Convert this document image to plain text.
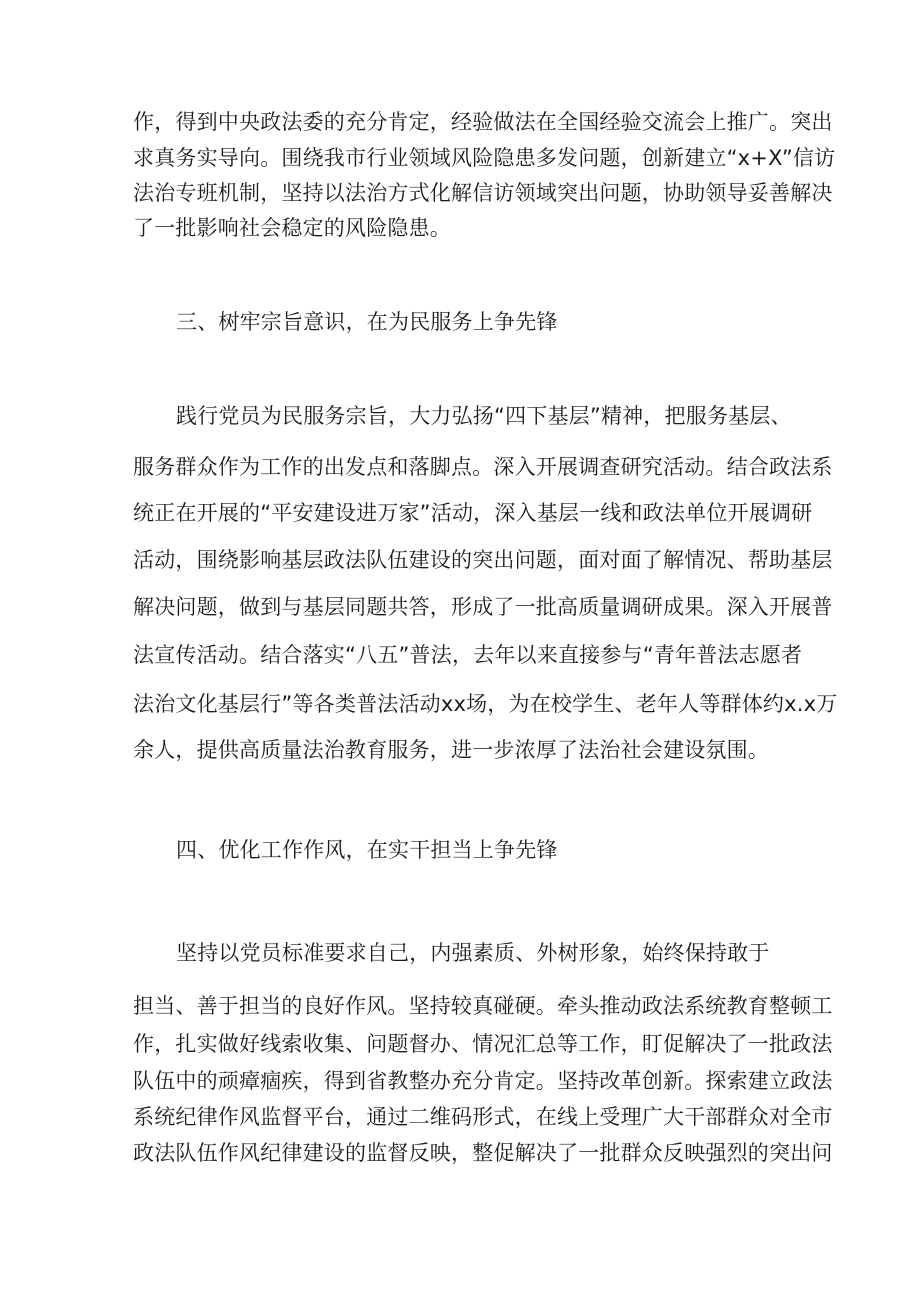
作，得到中央政法委的充分肯定，经验做法在全国经验交流会上推广。突出
求真务实导向。围绕我市行业领域风险隐患多发问题，创新建立“x+X”信访
法治专班机制，坚持以法治方式化解信访领域突出问题，协助领导妥善解决
了一批影响社会稳定的风险隐患。
三、树牢宗旨意识，在为民服务上争先锋
践行党员为民服务宗旨，大力弘扬“四下基层”精神，把服务基层、
服务群众作为工作的出发点和落脚点。深入开展调查研究活动。结合政法系
统正在开展的“平安建设进万家”活动，深入基层一线和政法单位开展调研
活动，围绕影响基层政法队伍建设的突出问题，面对面了解情况、帮助基层
解决问题，做到与基层同题共答，形成了一批高质量调研成果。深入开展普
法宣传活动。结合落实“八五”普法，去年以来直接参与“青年普法志愿者
法治文化基层行”等各类普法活动xx场，为在校学生、老年人等群体约x.x万
余人，提供高质量法治教育服务，进一步浓厚了法治社会建设氛围。
四、优化工作作风，在实干担当上争先锋
坚持以党员标准要求自己，内强素质、外树形象，始终保持敢于
担当、善于担当的良好作风。坚持较真碰硬。牵头推动政法系统教育整顿工
作，扎实做好线索收集、问题督办、情况汇总等工作，盯促解决了一批政法
队伍中的顽瘴痼疾，得到省教整办充分肯定。坚持改革创新。探索建立政法
系统纪律作风监督平台，通过二维码形式，在线上受理广大干部群众对全市
政法队伍作风纪律建设的监督反映，整促解决了一批群众反映强烈的突出问
